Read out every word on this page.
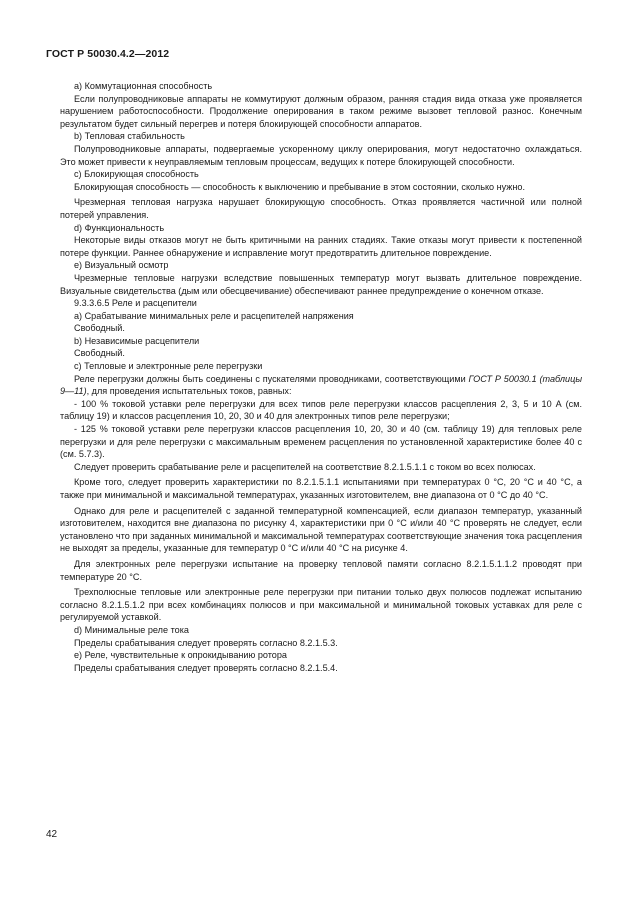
ГОСТ Р 50030.4.2—2012

a) Коммутационная способность

Если полупроводниковые аппараты не коммутируют должным образом, ранняя стадия вида отказа уже проявляется нарушением работоспособности. Продолжение оперирования в таком режиме вызовет тепловой разнос. Конечным результатом будет сильный перегрев и потеря блокирующей способности аппаратов.

b) Тепловая стабильность

Полупроводниковые аппараты, подвергаемые ускоренному циклу оперирования, могут недостаточно охлаждаться. Это может привести к неуправляемым тепловым процессам, ведущих к потере блокирующей способности.

c) Блокирующая способность

Блокирующая способность — способность к выключению и пребывание в этом состоянии, сколько нужно.

Чрезмерная тепловая нагрузка нарушает блокирующую способность. Отказ проявляется частичной или полной потерей управления.

d) Функциональность

Некоторые виды отказов могут не быть критичными на ранних стадиях. Такие отказы могут привести к постепенной потере функции. Раннее обнаружение и исправление могут предотвратить длительное повреждение.

e) Визуальный осмотр

Чрезмерные тепловые нагрузки вследствие повышенных температур могут вызвать длительное повреждение. Визуальные свидетельства (дым или обесцвечивание) обеспечивают раннее предупреждение о конечном отказе.

9.3.3.6.5 Реле и расцепители

a) Срабатывание минимальных реле и расцепителей напряжения

Свободный.

b) Независимые расцепители

Свободный.

c) Тепловые и электронные реле перегрузки

Реле перегрузки должны быть соединены с пускателями проводниками, соответствующими ГОСТ Р 50030.1 (таблицы 9—11), для проведения испытательных токов, равных:

- 100 % токовой уставки реле перегрузки для всех типов реле перегрузки классов расцепления 2, 3, 5 и 10 А (см. таблицу 19) и классов расцепления 10, 20, 30 и 40 для электронных типов реле перегрузки;

- 125 % токовой уставки реле перегрузки классов расцепления 10, 20, 30 и 40 (см. таблицу 19) для тепловых реле перегрузки и для реле перегрузки с максимальным временем расцепления по установленной характеристике более 40 с (см. 5.7.3).

Следует проверить срабатывание реле и расцепителей на соответствие 8.2.1.5.1.1 с током во всех полюсах.

Кроме того, следует проверить характеристики по 8.2.1.5.1.1 испытаниями при температурах 0 °С, 20 °С и 40 °С, а также при минимальной и максимальной температурах, указанных изготовителем, вне диапазона от 0 °С до 40 °С.

Однако для реле и расцепителей с заданной температурной компенсацией, если диапазон температур, указанный изготовителем, находится вне диапазона по рисунку 4, характеристики при 0 °С и/или 40 °С проверять не следует, если установлено что при заданных минимальной и максимальной температурах соответствующие значения тока расцепления не выходят за пределы, указанные для температур 0 °С и/или 40 °С на рисунке 4.

Для электронных реле перегрузки испытание на проверку тепловой памяти согласно 8.2.1.5.1.1.2 проводят при температуре 20 °С.

Трехполюсные тепловые или электронные реле перегрузки при питании только двух полюсов подлежат испытанию согласно 8.2.1.5.1.2 при всех комбинациях полюсов и при максимальной и минимальной токовых уставках для реле с регулируемой уставкой.

d) Минимальные реле тока

Пределы срабатывания следует проверять согласно 8.2.1.5.3.

e) Реле, чувствительные к опрокидыванию ротора

Пределы срабатывания следует проверять согласно 8.2.1.5.4.

42
